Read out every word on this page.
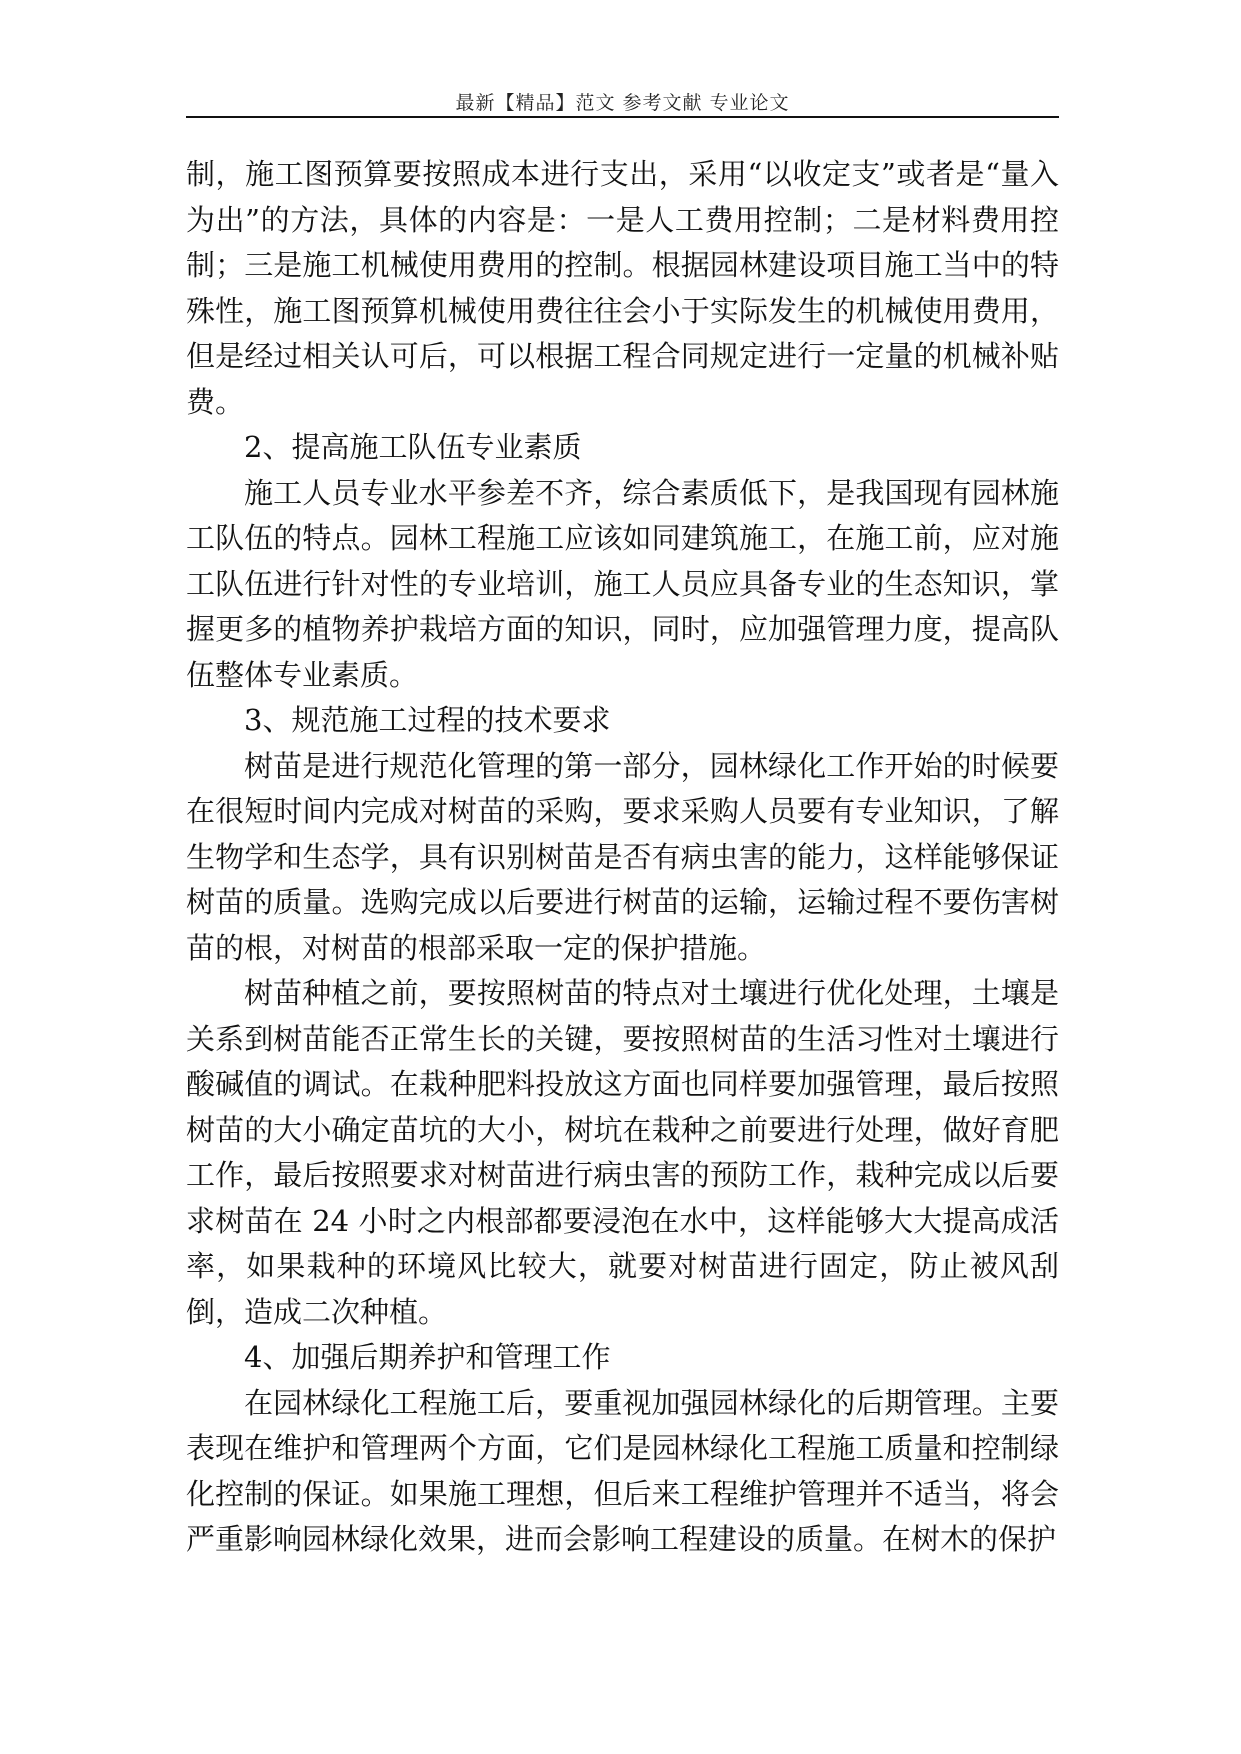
最新【精品】范文 参考文献 专业论文

制，施工图预算要按照成本进行支出，采用“以收定支”或者是“量入为出”的方法，具体的内容是：一是人工费用控制；二是材料费用控制；三是施工机械使用费用的控制。根据园林建设项目施工当中的特殊性，施工图预算机械使用费往往会小于实际发生的机械使用费用，但是经过相关认可后，可以根据工程合同规定进行一定量的机械补贴费。

2、提高施工队伍专业素质

施工人员专业水平参差不齐，综合素质低下，是我国现有园林施工队伍的特点。园林工程施工应该如同建筑施工，在施工前，应对施工队伍进行针对性的专业培训，施工人员应具备专业的生态知识，掌握更多的植物养护栽培方面的知识，同时，应加强管理力度，提高队伍整体专业素质。

3、规范施工过程的技术要求

树苗是进行规范化管理的第一部分，园林绿化工作开始的时候要在很短时间内完成对树苗的采购，要求采购人员要有专业知识，了解生物学和生态学，具有识别树苗是否有病虫害的能力，这样能够保证树苗的质量。选购完成以后要进行树苗的运输，运输过程不要伤害树苗的根，对树苗的根部采取一定的保护措施。

树苗种植之前，要按照树苗的特点对土壤进行优化处理，土壤是关系到树苗能否正常生长的关键，要按照树苗的生活习性对土壤进行酸碱值的调试。在栽种肥料投放这方面也同样要加强管理，最后按照树苗的大小确定苗坑的大小，树坑在栽种之前要进行处理，做好育肥工作，最后按照要求对树苗进行病虫害的预防工作，栽种完成以后要求树苗在 24 小时之内根部都要浸泡在水中，这样能够大大提高成活率，如果栽种的环境风比较大，就要对树苗进行固定，防止被风刮倒，造成二次种植。

4、加强后期养护和管理工作

在园林绿化工程施工后，要重视加强园林绿化的后期管理。主要表现在维护和管理两个方面，它们是园林绿化工程施工质量和控制绿化控制的保证。如果施工理想，但后来工程维护管理并不适当，将会严重影响园林绿化效果，进而会影响工程建设的质量。在树木的保护
